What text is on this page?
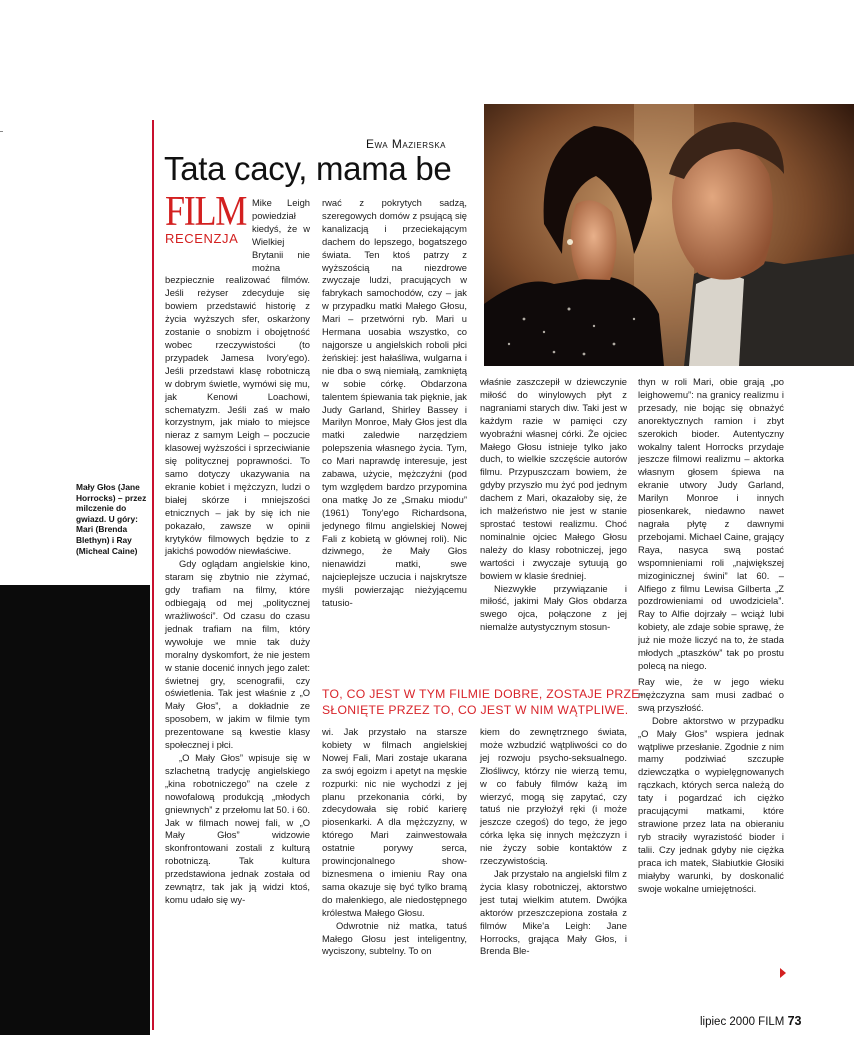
Ewa Mazierska
Tata cacy, mama be
FILM
RECENZJA
Mały Głos (Jane Horrocks) – przez milczenie do gwiazd. U góry: Mari (Brenda Blethyn) i Ray (Micheal Caine)

Mike Leigh powiedział kiedyś, że w Wielkiej Brytanii nie można bezpiecznie realizować filmów. Jeśli reżyser zdecyduje się bowiem przedstawić historię z życia wyższych sfer, oskarżony zostanie o snobizm i obojętność wobec rzeczywistości (to przypadek Jamesa Ivory'ego). Jeśli przedstawi klasę robotniczą w dobrym świetle, wymówi się mu, jak Kenowi Loachowi, schematyzm. Jeśli zaś w mało korzystnym, jak miało to miejsce nieraz z samym Leigh – poczucie klasowej wyższości i sprzeciwianie się politycznej poprawności. To samo dotyczy ukazywania na ekranie kobiet i mężczyzn, ludzi o białej skórze i mniejszości etnicznych – jak by się ich nie pokazało, zawsze w opinii krytyków filmowych będzie to z jakichś powodów niewłaściwe.

Gdy oglądam angielskie kino, staram się zbytnio nie zżymać, gdy trafiam na filmy, które odbiegają od mej „politycznej wrażliwości”. Od czasu do czasu jednak trafiam na film, który wywołuje we mnie tak duży moralny dyskomfort, że nie jestem w stanie docenić innych jego zalet: świetnej gry, scenografii, czy oświetlenia. Tak jest właśnie z „O Mały Głos”, a dokładnie ze sposobem, w jakim w filmie tym prezentowane są kwestie klasy społecznej i płci.

„O Mały Głos” wpisuje się w szlachetną tradycję angielskiego „kina robotniczego” na czele z nowofalową produkcją „młodych gniewnych” z przełomu lat 50. i 60. Jak w filmach nowej fali, w „O Mały Głos” widzowie skonfrontowani zostali z kulturą robotniczą. Tak kultura przedstawiona jednak została od zewnątrz, tak jak ją widzi ktoś, komu udało się wy-

rwać z pokrytych sadzą, szeregowych domów z psującą się kanalizacją i przeciekającym dachem do lepszego, bogatszego świata. Ten ktoś patrzy z wyższością na niezdrowe zwyczaje ludzi, pracujących w fabrykach samochodów, czy – jak w przypadku matki Małego Głosu, Mari – przetwórni ryb. Mari u Hermana uosabia wszystko, co najgorsze u angielskich roboli płci żeńskiej: jest hałaśliwa, wulgarna i nie dba o swą niemiałą, zamkniętą w sobie córkę. Obdarzona talentem śpiewania tak pięknie, jak Judy Garland, Shirley Bassey i Marilyn Monroe, Mały Głos jest dla matki zaledwie narzędziem polepszenia własnego życia. Tym, co Mari naprawdę interesuje, jest zabawa, użycie, mężczyźni (pod tym względem bardzo przypomina ona matkę Jo ze „Smaku miodu” (1961) Tony'ego Richardsona, jedynego filmu angielskiej Nowej Fali z kobietą w głównej roli). Nic dziwnego, że Mały Głos nienawidzi matki, swe najcieplejsze uczucia i najskrytsze myśli powierzając nieżyjącemu tatusio-

właśnie zaszczepił w dziewczynie miłość do winylowych płyt z nagraniami starych diw. Taki jest w każdym razie w pamięci czy wyobraźni własnej córki. Że ojciec Małego Głosu istnieje tylko jako duch, to wielkie szczęście autorów filmu. Przypuszczam bowiem, że gdyby przyszło mu żyć pod jednym dachem z Mari, okazałoby się, że ich małżeństwo nie jest w stanie sprostać testowi realizmu. Choć nominalnie ojciec Małego Głosu należy do klasy robotniczej, jego wartości i zwyczaje sytuują go bowiem w klasie średniej.

Niezwykłe przywiązanie i miłość, jakimi Mały Głos obdarza swego ojca, połączone z jej niemalże autystycznym stosun-

thyn w roli Mari, obie grają „po leighowemu”: na granicy realizmu i przesady, nie bojąc się obnażyć anorektycznych ramion i zbyt szerokich bioder. Autentyczny wokalny talent Horrocks przydaje jeszcze filmowi realizmu – aktorka własnym głosem śpiewa na ekranie utwory Judy Garland, Marilyn Monroe i innych piosenkarek, niedawno nawet nagrała płytę z dawnymi przebojami. Michael Caine, grający Raya, nasyca swą postać wspomnieniami roli „największej mizoginicznej świni” lat 60. – Alfiego z filmu Lewisa Gilberta „Z pozdrowieniami od uwodziciela”. Ray to Alfie dojrzały – wciąż lubi kobiety, ale zdaje sobie sprawę, że już nie może liczyć na to, że stada młodych „ptaszków” tak po prostu polecą na niego.

TO, CO JEST W TYM FILMIE DOBRE, ZOSTAJE PRZE-SŁONIĘTE PRZEZ TO, CO JEST W NIM WĄTPLIWE.

wi. Jak przystało na starsze kobiety w filmach angielskiej Nowej Fali, Mari zostaje ukarana za swój egoizm i apetyt na męskie rozpurki: nic nie wychodzi z jej planu przekonania córki, by zdecydowała się robić karierę piosenkarki. A dla mężczyzny, w którego Mari zainwestowała ostatnie porywy serca, prowincjonalnego show-biznesmena o imieniu Ray ona sama okazuje się być tylko bramą do małenkiego, ale niedostępnego królestwa Małego Głosu.

Odwrotnie niż matka, tatuś Małego Głosu jest inteligentny, wyciszony, subtelny. To on

kiem do zewnętrznego świata, może wzbudzić wątpliwości co do jej rozwoju psycho-seksualnego. Złośliwcy, którzy nie wierzą temu, w co fabuły filmów każą im wierzyć, mogą się zapytać, czy tatuś nie przyłożył ręki (i może jeszcze czegoś) do tego, że jego córka lęka się innych mężczyzn i nie życzy sobie kontaktów z rzeczywistością.

Jak przystało na angielski film z życia klasy robotniczej, aktorstwo jest tutaj wielkim atutem. Dwójka aktorów przeszczepiona została z filmów Mike'a Leigh: Jane Horrocks, grająca Mały Głos, i Brenda Ble-

Ray wie, że w jego wieku mężczyzna sam musi zadbać o swą przyszłość.

Dobre aktorstwo w przypadku „O Mały Głos” wspiera jednak wątpliwe przesłanie. Zgodnie z nim mamy podziwiać szczupłe dziewczątka o wypielęgnowanych rączkach, których serca należą do taty i pogardzać ich ciężko pracującymi matkami, które strawione przez lata na obieraniu ryb straciły wyrazistość bioder i talii. Czy jednak gdyby nie ciężka praca ich matek, Słabiutkie Głosiki miałyby warunki, by doskonalić swoje wokalne umiejętności.

lipiec 2000 FILM 73
